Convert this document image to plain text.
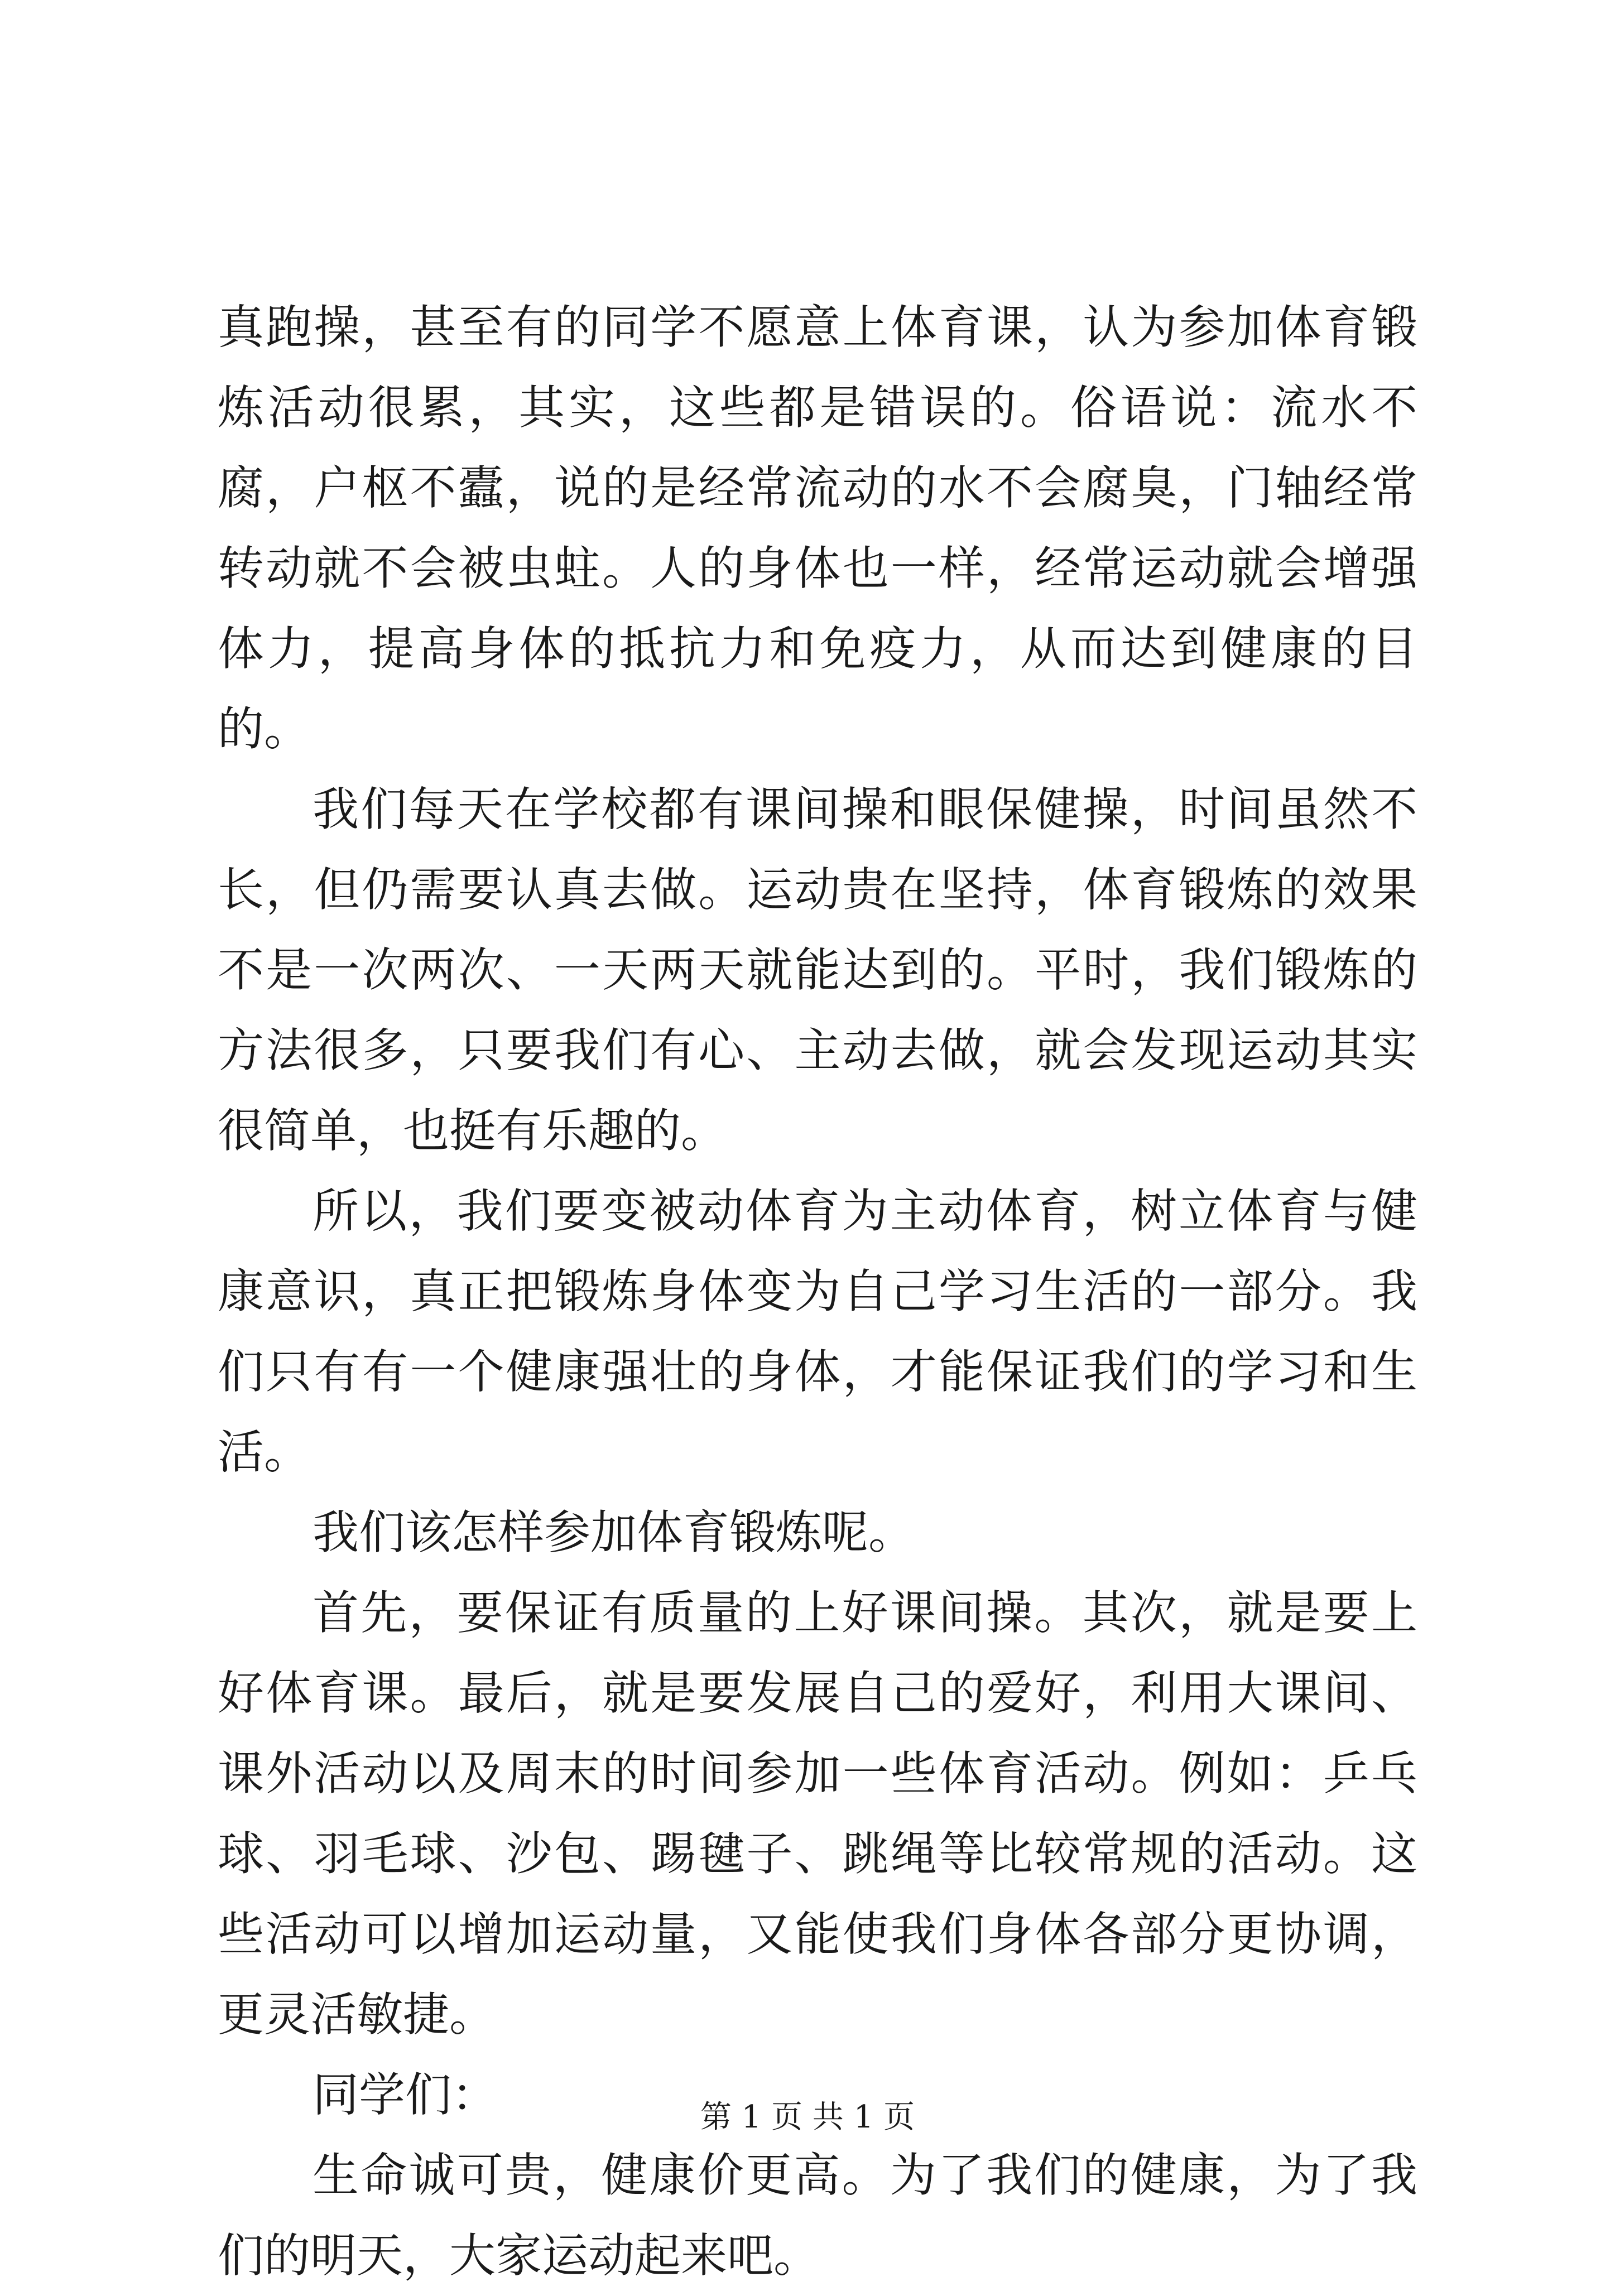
真跑操，甚至有的同学不愿意上体育课，认为参加体育锻炼活动很累，其实，这些都是错误的。俗语说：流水不腐，户枢不蠹，说的是经常流动的水不会腐臭，门轴经常转动就不会被虫蛀。人的身体也一样，经常运动就会增强体力，提高身体的抵抗力和免疫力，从而达到健康的目的。

我们每天在学校都有课间操和眼保健操，时间虽然不长，但仍需要认真去做。运动贵在坚持，体育锻炼的效果不是一次两次、一天两天就能达到的。平时，我们锻炼的方法很多，只要我们有心、主动去做，就会发现运动其实很简单，也挺有乐趣的。

所以，我们要变被动体育为主动体育，树立体育与健康意识，真正把锻炼身体变为自己学习生活的一部分。我们只有有一个健康强壮的身体，才能保证我们的学习和生活。

我们该怎样参加体育锻炼呢。

首先，要保证有质量的上好课间操。其次，就是要上好体育课。最后，就是要发展自己的爱好，利用大课间、课外活动以及周末的时间参加一些体育活动。例如：乒乓球、羽毛球、沙包、踢毽子、跳绳等比较常规的活动。这些活动可以增加运动量，又能使我们身体各部分更协调，更灵活敏捷。

同学们：

生命诚可贵，健康价更高。为了我们的健康，为了我们的明天，大家运动起来吧。

第 1 页 共 1 页
